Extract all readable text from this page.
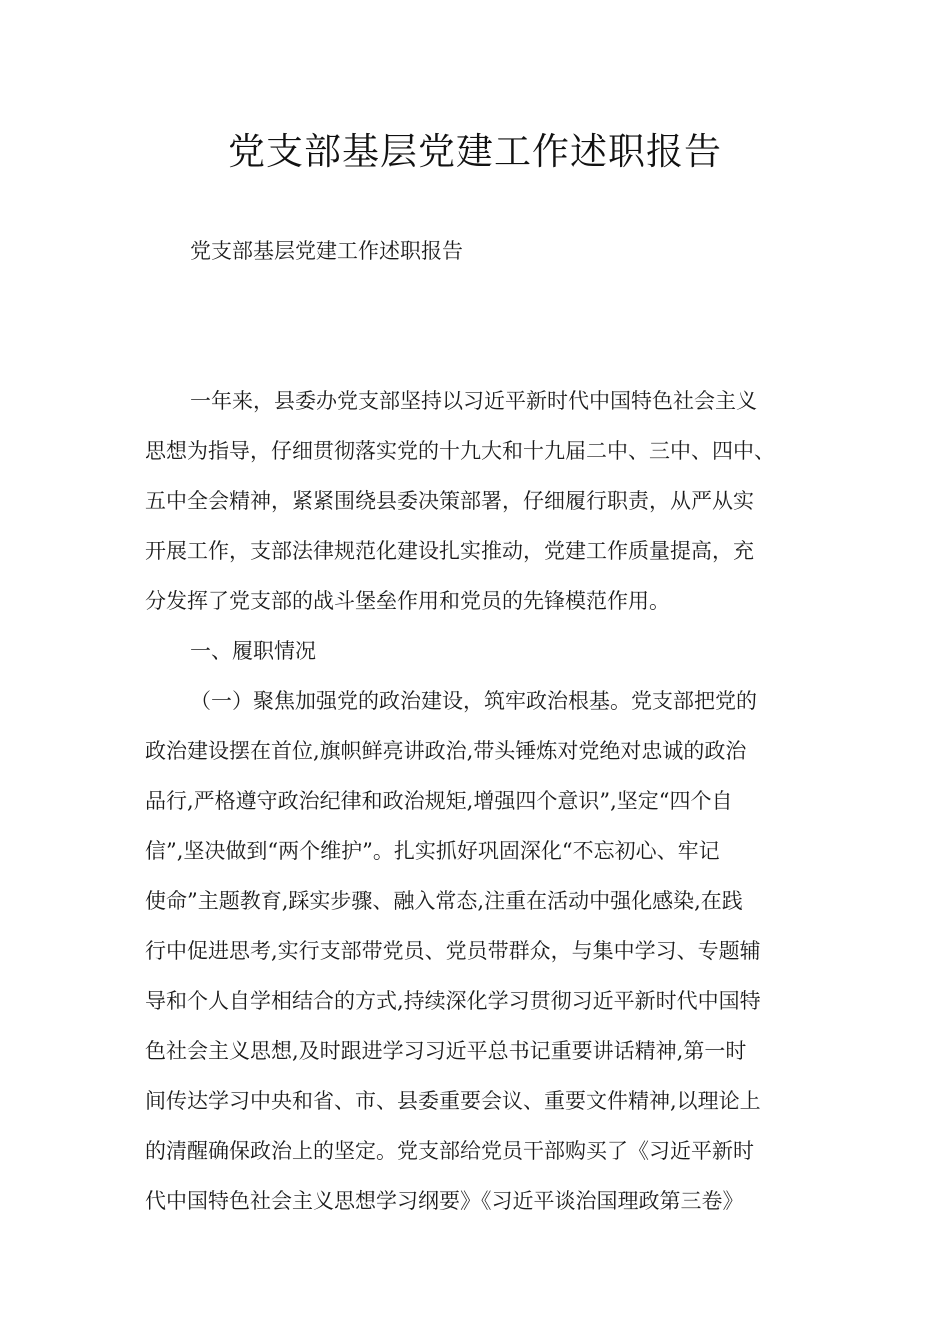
党支部基层党建工作述职报告

党支部基层党建工作述职报告

一年来，县委办党支部坚持以习近平新时代中国特色社会主义

思想为指导，仔细贯彻落实党的十九大和十九届二中、三中、四中、

五中全会精神，紧紧围绕县委决策部署，仔细履行职责，从严从实

开展工作，支部法律规范化建设扎实推动，党建工作质量提高，充

分发挥了党支部的战斗堡垒作用和党员的先锋模范作用。

一、履职情况

（一）聚焦加强党的政治建设，筑牢政治根基。党支部把党的

政治建设摆在首位,旗帜鲜亮讲政治,带头锤炼对党绝对忠诚的政治

品行,严格遵守政治纪律和政治规矩,增强四个意识”,坚定“四个自

信”,坚决做到“两个维护”。扎实抓好巩固深化“不忘初心、牢记

使命”主题教育,踩实步骤、融入常态,注重在活动中强化感染,在践

行中促进思考,实行支部带党员、党员带群众，与集中学习、专题辅

导和个人自学相结合的方式,持续深化学习贯彻习近平新时代中国特

色社会主义思想,及时跟进学习习近平总书记重要讲话精神,第一时

间传达学习中央和省、市、县委重要会议、重要文件精神,以理论上

的清醒确保政治上的坚定。党支部给党员干部购买了《习近平新时

代中国特色社会主义思想学习纲要》《习近平谈治国理政第三卷》
